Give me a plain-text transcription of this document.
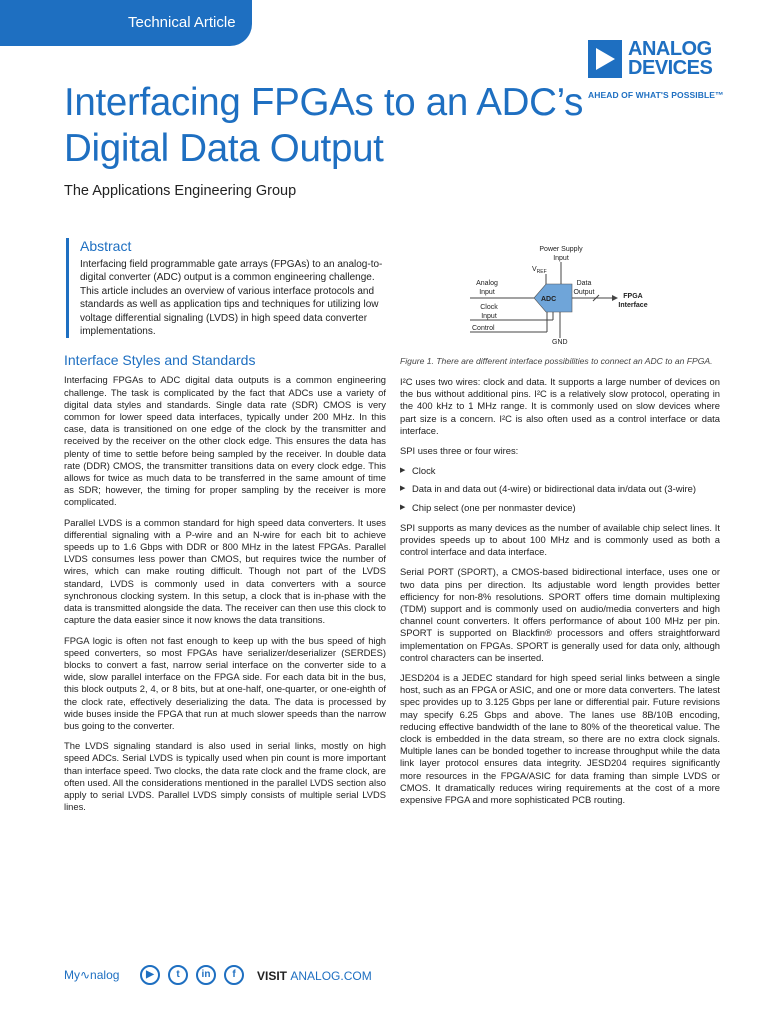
Technical Article
ANALOG
DEVICES
AHEAD OF WHAT'S POSSIBLE™
Interfacing FPGAs to an ADC’s Digital Data Output
The Applications Engineering Group
Abstract

Interfacing field programmable gate arrays (FPGAs) to an analog-to-digital converter (ADC) output is a common engineering challenge. This article includes an overview of various interface protocols and standards as well as application tips and techniques for utilizing low voltage differential signaling (LVDS) in high speed data converter implementations.

Interface Styles and Standards

Interfacing FPGAs to ADC digital data outputs is a common engineering challenge. The task is complicated by the fact that ADCs use a variety of digital data styles and standards. Single data rate (SDR) CMOS is very common for lower speed data interfaces, typically under 200 MHz. In this case, data is transitioned on one edge of the clock by the transmitter and received by the receiver on the other clock edge. This ensures the data has plenty of time to settle before being sampled by the receiver. In double data rate (DDR) CMOS, the transmitter transitions data on every clock edge. This allows for twice as much data to be transferred in the same amount of time as SDR; however, the timing for proper sampling by the receiver is more complicated.

Parallel LVDS is a common standard for high speed data converters. It uses differential signaling with a P-wire and an N-wire for each bit to achieve speeds up to 1.6 Gbps with DDR or 800 MHz in the latest FPGAs. Parallel LVDS consumes less power than CMOS, but requires twice the number of wires, which can make routing difficult. Though not part of the LVDS standard, LVDS is commonly used in data converters with a source synchronous clocking system. In this setup, a clock that is in-phase with the data is transmitted alongside the data. The receiver can then use this clock to capture the data easier since it now knows the data transitions.

FPGA logic is often not fast enough to keep up with the bus speed of high speed converters, so most FPGAs have serializer/deserializer (SERDES) blocks to convert a fast, narrow serial interface on the converter side to a wide, slow parallel interface on the FPGA side. For each data bit in the bus, this block outputs 2, 4, or 8 bits, but at one-half, one-quarter, or one-eighth of the clock rate, effectively deserializing the data. The data is processed by wide buses inside the FPGA that run at much slower speeds than the narrow bus going to the converter.

The LVDS signaling standard is also used in serial links, mostly on high speed ADCs. Serial LVDS is typically used when pin count is more important than interface speed. Two clocks, the data rate clock and the frame clock, are often used. All the considerations mentioned in the parallel LVDS section also apply to serial LVDS. Parallel LVDS simply consists of multiple serial LVDS lines.

Power Supply
Input
$V_{REF}$
ADC
Analog
Input
Clock
Input
Control
GND
Data
Output
FPGA
Interface
Figure 1. There are different interface possibilities to connect an ADC to an FPGA.

I²C uses two wires: clock and data. It supports a large number of devices on the bus without additional pins. I²C is a relatively slow protocol, operating in the 400 kHz to 1 MHz range. It is commonly used on slow devices where part size is a concern. I²C is also often used as a control interface or data interface.

SPI uses three or four wires:

▶ Clock
▶ Data in and data out (4-wire) or bidirectional data in/data out (3-wire)
▶ Chip select (one per nonmaster device)

SPI supports as many devices as the number of available chip select lines. It provides speeds up to about 100 MHz and is commonly used as both a control interface and data interface.

Serial PORT (SPORT), a CMOS-based bidirectional interface, uses one or two data pins per direction. Its adjustable word length provides better efficiency for non-8% resolutions. SPORT offers time domain multiplexing (TDM) support and is commonly used on audio/media converters and high channel count converters. It offers performance of about 100 MHz per pin. SPORT is supported on Blackfin® processors and offers straightforward implementation on FPGAs. SPORT is generally used for data only, although control characters can be inserted.

JESD204 is a JEDEC standard for high speed serial links between a single host, such as an FPGA or ASIC, and one or more data converters. The latest spec provides up to 3.125 Gbps per lane or differential pair. Future revisions may specify 6.25 Gbps and above. The lanes use 8B/10B encoding, reducing effective bandwidth of the lane to 80% of the theoretical value. The clock is embedded in the data stream, so there are no extra clock signals. Multiple lanes can be bonded together to increase throughput while the data link layer protocol ensures data integrity. JESD204 requires significantly more resources in the FPGA/ASIC for data framing than simple LVDS or CMOS. It dramatically reduces wiring requirements at the cost of a more expensive FPGA and more sophisticated PCB routing.

My∿nalog	▶	t	in	f	VISIT ANALOG.COM
